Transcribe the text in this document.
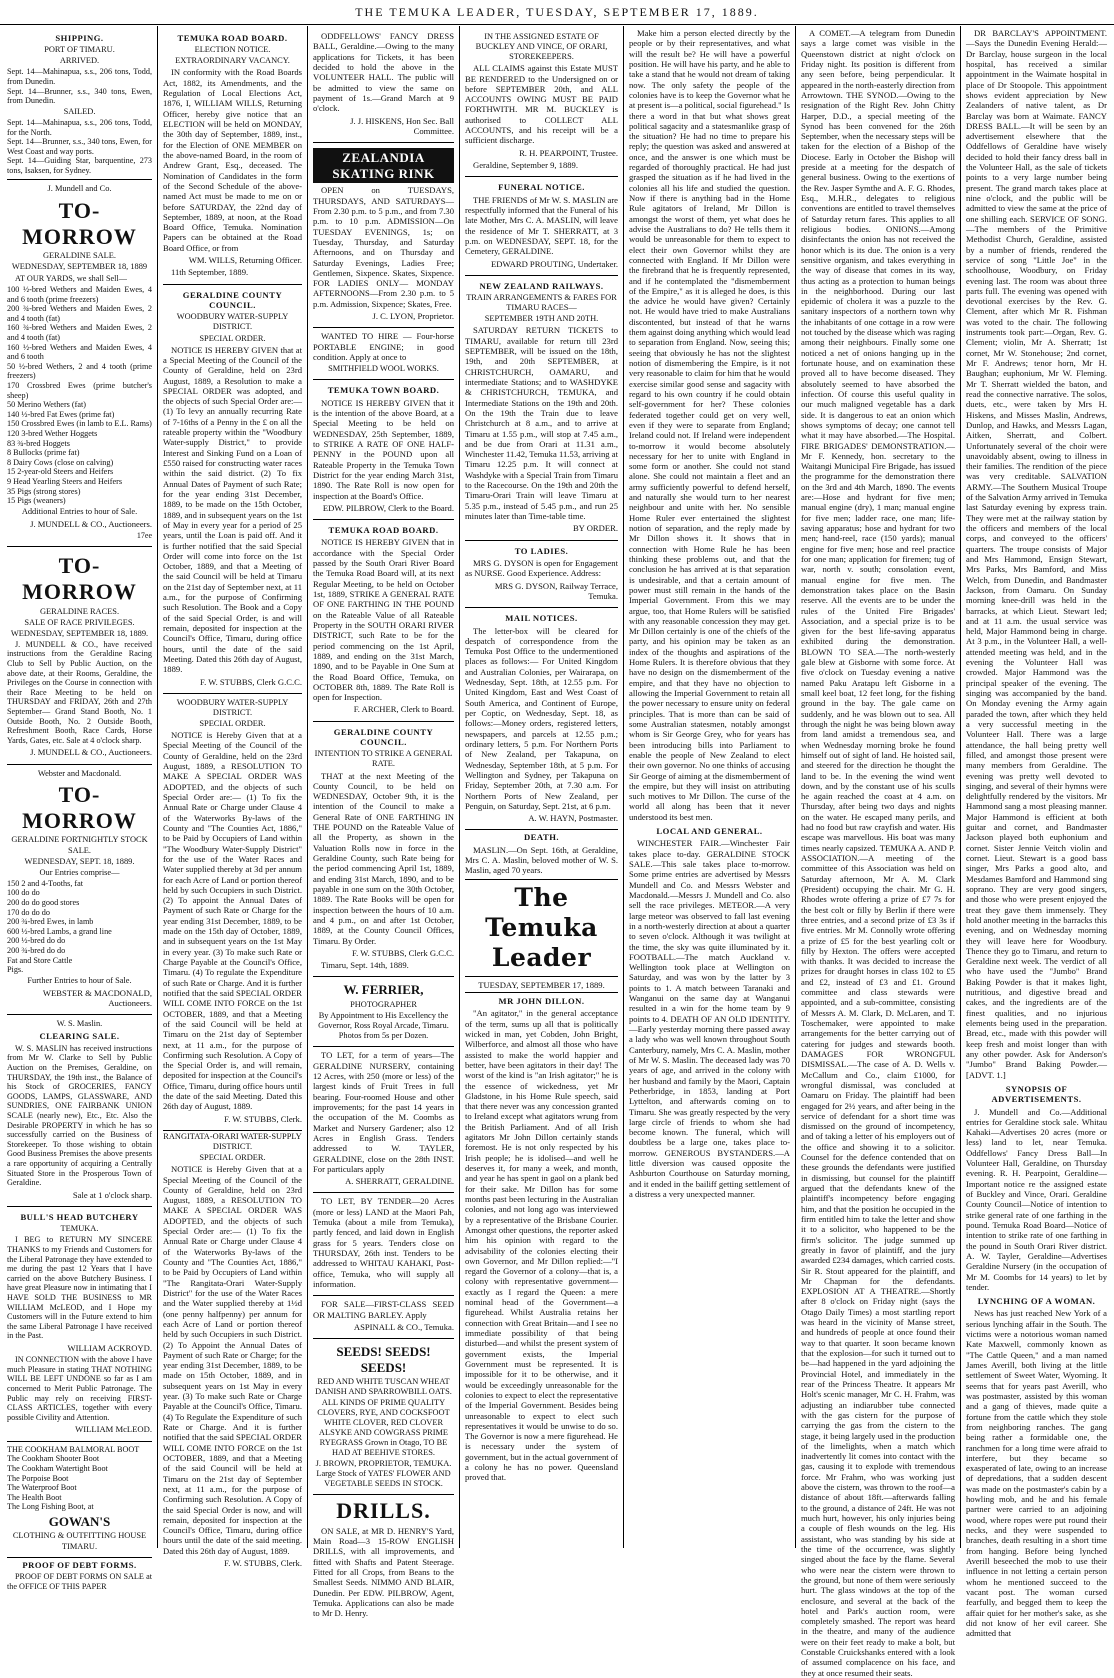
THE TEMUKA LEADER, TUESDAY, SEPTEMBER 17, 1889.
SHIPPING.
PORT OF TIMARU.
ARRIVED.
Sept. 14—Mahinapua, s.s., 206 tons, Todd, from Dunedin.
Sept. 14—Brunner, s.s., 340 tons, Ewen, from Dunedin.
SAILED.
Sept. 14—Mahinapua, s.s., 206 tons, Todd, for the North.
Sept. 14—Brunner, s.s., 340 tons, Ewen, for West Coast and way ports.
Sept. 14—Guiding Star, barquentine, 273 tons, Isaksen, for Sydney.
J. Mundell and Co.
TO-MORROW
GERALDINE SALE.
WEDNESDAY, SEPTEMBER 18, 1889
AT OUR YARDS, we shall Sell—
100 ½-bred Wethers and Maiden Ewes, 4 and 6 tooth (prime freezers)
200 ¾-bred Wethers and Maiden Ewes, 2 and 4 tooth (fat)
160 ¾-bred Wethers and Maiden Ewes, 2 and 4 tooth (fat)
160 ½-bred Wethers and Maiden Ewes, 4 and 6 tooth
50 ½-bred Wethers, 2 and 4 tooth (prime freezers)
170 Crossbred Ewes (prime butcher's sheep)
50 Merino Wethers (fat)
140 ½-bred Fat Ewes (prime fat)
150 Crossbred Ewes (in lamb to E.L. Rams)
120 3-bred Wether Hoggets
83 ¾-bred Hoggets
8 Bullocks (prime fat)
8 Dairy Cows (close on calving)
15 2-year-old Steers and Heifers
9 Head Yearling Steers and Heifers
35 Pigs (strong stores)
15 Pigs (weaners)
Additional Entries to hour of Sale.
J. MUNDELL & CO., Auctioneers.
17ee
TO-MORROW
GERALDINE RACES.
SALE OF RACE PRIVILEGES.
WEDNESDAY, SEPTEMBER 18, 1889.
J. MUNDELL & CO., have received instructions from the Geraldine Racing Club to Sell by Public Auction, on the above date, at their Rooms, Geraldine, the Privileges on the Course in connection with their Race Meeting to be held on THURSDAY and FRIDAY, 26th and 27th September— Grand Stand Booth, No. 1 Outside Booth, No. 2 Outside Booth, Refreshment Booth, Race Cards, Horse Yards, Gates, etc. Sale at 4 o'clock sharp.
J. MUNDELL & CO., Auctioneers.
Webster and Macdonald.
TO-MORROW
GERALDINE FORTNIGHTLY STOCK SALE.
WEDNESDAY, SEPT. 18, 1889.
Our Entries comprise—
150 2 and 4-Tooths, fat
100 do do
200 do do good stores
170 do do do
200 ¾-bred Ewes, in lamb
600 ½-bred Lambs, a grand line
200 ½-bred do do
200 ¾-bred do do
Fat and Store Cattle
Pigs.
Further Entries to hour of Sale.
WEBSTER & MACDONALD, Auctioneers.
W. S. Maslin.
CLEARING SALE.
W. S. MASLIN has received instructions from Mr W. Clarke to Sell by Public Auction on the Premises, Geraldine, on THURSDAY, the 19th inst., the Balance of his Stock of GROCERIES, FANCY GOODS, LAMPS, GLASSWARE, AND SUNDRIES, ONE FAIRBANK UNION SCALE (nearly new), Etc., Etc. Also the Desirable PROPERTY in which he has so successfully carried on the Business of Storekeeper. To those wishing to obtain Good Business Premises the above presents a rare opportunity of acquiring a Centrally Situated Store in the Prosperous Town of Geraldine.
Sale at 1 o'clock sharp.
BULL'S HEAD BUTCHERY
TEMUKA.
I BEG to RETURN MY SINCERE THANKS to my Friends and Customers for the Liberal Patronage they have extended to me during the past 12 Years that I have carried on the above Butchery Business. I have great Pleasure now in intimating that I HAVE SOLD THE BUSINESS to MR WILLIAM McLEOD, and I Hope my Customers will in the Future extend to him the same Liberal Patronage I have received in the Past.
WILLIAM ACKROYD.
IN CONNECTION with the above I have much Pleasure in stating THAT NOTHING WILL BE LEFT UNDONE so far as I am concerned to Merit Public Patronage. The Public may rely on receiving FIRST-CLASS ARTICLES, together with every possible Civility and Attention.
WILLIAM McLEOD.
THE COOKHAM BALMORAL BOOT
The Cookham Shooter Boot
The Cookham Watertight Boot
The Porpoise Boot
The Waterproof Boot
The Health Boot
The Long Fishing Boot, at
GOWAN'S
CLOTHING & OUTFITTING HOUSE TIMARU.
PROOF OF DEBT FORMS.
PROOF OF DEBT FORMS ON SALE at the OFFICE OF THIS PAPER
TEMUKA ROAD BOARD.
ELECTION NOTICE.
EXTRAORDINARY VACANCY.
IN conformity with the Road Boards Act, 1882, its Amendments, and the Regulation of Local Elections Act, 1876, I, WILLIAM WILLS, Returning Officer, hereby give notice that an ELECTION will be held on MONDAY, the 30th day of September, 1889, inst., for the Election of ONE MEMBER on the above-named Board, in the room of Andrew Grant, Esq., deceased. The Nomination of Candidates in the form of the Second Schedule of the above-named Act must be made to me on or before SATURDAY, the 22nd day of September, 1889, at noon, at the Road Board Office, Temuka. Nomination Papers can be obtained at the Road Board Office, or from
WM. WILLS, Returning Officer.
11th September, 1889.
GERALDINE COUNTY COUNCIL.
WOODBURY WATER-SUPPLY DISTRICT.
SPECIAL ORDER.
NOTICE IS HEREBY GIVEN that at a Special Meeting of the Council of the County of Geraldine, held on 23rd August, 1889, a Resolution to make a SPECIAL ORDER was adopted, and the objects of such Special Order are:— (1) To levy an annually recurring Rate of 7-16ths of a Penny in the £ on all the rateable property within the "Woodbury Water-supply District," to provide Interest and Sinking Fund on a Loan of £550 raised for constructing water races within the said district. (2) To fix Annual Dates of Payment of such Rate; for the year ending 31st December, 1889, to be made on the 15th October, 1889, and in subsequent years on the 1st of May in every year for a period of 25 years, until the Loan is paid off. And it is further notified that the said Special Order will come into force on the 1st October, 1889, and that a Meeting of the said Council will be held at Timaru on the 21st day of September next, at 11 a.m., for the purpose of Confirming such Resolution. The Book and a Copy of the said Special Order, is and will remain, deposited for inspection at the Council's Office, Timaru, during office hours, until the date of the said Meeting. Dated this 26th day of August, 1889.
F. W. STUBBS, Clerk G.C.C.
WOODBURY WATER-SUPPLY DISTRICT.
SPECIAL ORDER.
NOTICE is Hereby Given that at a Special Meeting of the Council of the County of Geraldine, held on the 23rd August, 1889, a RESOLUTION TO MAKE A SPECIAL ORDER WAS ADOPTED, and the objects of such Special Order are:— (1) To fix the Annual Rate or Charge under Clause 4 of the Waterworks By-laws of the County and "The Counties Act, 1886," to be Paid by Occupiers of Land within "The Woodbury Water-Supply District" for the use of the Water Races and Water supplied thereby at 3d per annum for each Acre of Land or portion thereof held by such Occupiers in such District. (2) To appoint the Annual Dates of Payment of such Rate or Charge for the year ending 31st December, 1889, to be made on the 15th day of October, 1889, and in subsequent years on the 1st May in every year. (3) To make such Rate or Charge Payable at the Council's Office, Timaru. (4) To regulate the Expenditure of such Rate or Charge. And it is further notified that the said SPECIAL ORDER WILL COME INTO FORCE on the 1st OCTOBER, 1889, and that a Meeting of the said Council will be held at Timaru on the 21st day of September next, at 11 a.m., for the purpose of Confirming such Resolution. A Copy of the Special Order is, and will remain, deposited for inspection at the Council's Office, Timaru, during office hours until the date of the said Meeting. Dated this 26th day of August, 1889.
F. W. STUBBS, Clerk.
RANGITATA-ORARI WATER-SUPPLY DISTRICT.
SPECIAL ORDER.
NOTICE is Hereby Given that at a Special Meeting of the Council of the County of Geraldine, held on 23rd August, 1889, a RESOLUTION TO MAKE A SPECIAL ORDER WAS ADOPTED, and the objects of such Special Order are:— (1) To fix the Annual Rate or Charge under Clause 4 of the Waterworks By-laws of the County and "The Counties Act, 1886," to be Paid by Occupiers of Land within "The Rangitata-Orari Water-Supply District" for the use of the Water Races and the Water supplied thereby at 1½d (one penny halfpenny) per annum for each Acre of Land or portion thereof held by such Occupiers in such District. (2) To Appoint the Annual Dates of Payment of such Rate or Charge; for the year ending 31st December, 1889, to be made on 15th October, 1889, and in subsequent years on 1st May in every year. (3) To make such Rate or Charge Payable at the Council's Office, Timaru. (4) To Regulate the Expenditure of such Rate or Charge. And it is further notified that the said SPECIAL ORDER WILL COME INTO FORCE on the 1st OCTOBER, 1889, and that a Meeting of the said Council will be held at Timaru on the 21st day of September next, at 11 a.m., for the purpose of Confirming such Resolution. A Copy of the said Special Order is now, and will remain, deposited for inspection at the Council's Office, Timaru, during office hours until the date of the said meeting. Dated this 26th day of August, 1889.
F. W. STUBBS, Clerk.
ODDFELLOWS' FANCY DRESS BALL, Geraldine.—Owing to the many applications for Tickets, it has been decided to hold the above in the VOLUNTEER HALL. The public will be admitted to view the same on payment of 1s.—Grand March at 9 o'clock.
J. J. HISKENS, Hon Sec. Ball Committee.
ZEALANDIA SKATING RINK
OPEN on TUESDAYS, THURSDAYS, AND SATURDAYS—From 2.30 p.m. to 5 p.m., and from 7.30 p.m. to 10 p.m. ADMISSION—On TUESDAY EVENINGS, 1s; on Tuesday, Thursday, and Saturday Afternoons, and on Thursday and Saturday Evenings, Ladies Free; Gentlemen, Sixpence. Skates, Sixpence. FOR LADIES ONLY— MONDAY AFTERNOONS—From 2.30 p.m. to 5 p.m. Admission, Sixpence; Skates, Free.
J. C. LYON, Proprietor.
WANTED TO HIRE — Four-horse PORTABLE ENGINE; in good condition. Apply at once to
SMITHFIELD WOOL WORKS.
TEMUKA TOWN BOARD.
NOTICE IS HEREBY GIVEN that it is the intention of the above Board, at a Special Meeting to be held on WEDNESDAY, 25th September, 1889, to STRIKE A RATE OF ONE HALF-PENNY in the POUND upon all Rateable Property in the Temuka Town District for the year ending March 31st, 1890. The Rate Roll is now open for inspection at the Board's Office.
EDW. PILBROW, Clerk to the Board.
TEMUKA ROAD BOARD.
NOTICE IS HEREBY GIVEN that in accordance with the Special Order passed by the South Orari River Board the Temuka Road Board will, at its next Regular Meeting, to be held on October 1st, 1889, STRIKE A GENERAL RATE OF ONE FARTHING IN THE POUND on the Rateable Value of all Rateable Property in the SOUTH ORARI RIVER DISTRICT, such Rate to be for the period commencing on the 1st April, 1889, and ending on the 31st March, 1890, and to be Payable in One Sum at the Road Board Office, Temuka, on OCTOBER 8th, 1889. The Rate Roll is open for Inspection.
F. ARCHER, Clerk to Board.
GERALDINE COUNTY COUNCIL.
INTENTION TO STRIKE A GENERAL RATE.
THAT at the next Meeting of the County Council, to be held on WEDNESDAY, October 9th, it is the intention of the Council to make a General Rate of ONE FARTHING IN THE POUND on the Rateable Value of all the Property, as shown in the Valuation Rolls now in force in the Geraldine County, such Rate being for the period commencing April 1st, 1889, and ending 31st March, 1890, and to be payable in one sum on the 30th October, 1889. The Rate Books will be open for inspection between the hours of 10 a.m. and 4 p.m., on and after 1st October, 1889, at the County Council Offices, Timaru. By Order.
F. W. STUBBS, Clerk G.C.C.
Timaru, Sept. 14th, 1889.
W. FERRIER,
PHOTOGRAPHER
By Appointment to His Excellency the Governor, Ross Royal Arcade, Timaru. Photos from 5s per Dozen.
TO LET, for a term of years—The GERALDINE NURSERY, containing 12 Acres, with 250 (more or less) of the largest kinds of Fruit Trees in full bearing. Four-roomed House and other improvements; for the past 14 years in the occupation of the M. Coombs as Market and Nursery Gardener; also 12 Acres in English Grass. Tenders addressed to W. TAYLER, GERALDINE, close on the 28th INST. For particulars apply
A. SHERRATT, GERALDINE.
TO LET, BY TENDER—20 Acres (more or less) LAND at the Maori Pah, Temuka (about a mile from Temuka), partly fenced, and laid down in English grass for 5 years. Tenders close on THURSDAY, 26th inst. Tenders to be addressed to WHITAU KAHAKI, Post-office, Temuka, who will supply all information.
FOR SALE—FIRST-CLASS SEED OR MALTING BARLEY. Apply
ASPINALL & CO., Temuka.
SEEDS! SEEDS! SEEDS!
RED AND WHITE TUSCAN WHEAT DANISH AND SPARROWBILL OATS. ALL KINDS OF PRIME QUALITY CLOVERS, RYE, AND COCKSFOOT WHITE CLOVER, RED CLOVER ALSYKE AND COWGRASS PRIME RYEGRASS Grown in Otago, TO BE HAD AT BEEHIVE STORES.
J. BROWN, PROPRIETOR, TEMUKA. Large Stock of YATES' FLOWER AND VEGETABLE SEEDS IN STOCK.
DRILLS.
ON SALE, at MR D. HENRY'S Yard, Main Road—3 15-ROW ENGLISH DRILLS, with all improvements, and fitted with Shafts and Patent Steerage. Fitted for all Crops, from Beans to the Smallest Seeds. NIMMO AND BLAIR, Dunedin. Per EDW. PILBROW, Agent, Temuka. Applications can also be made to Mr D. Henry.
IN THE ASSIGNED ESTATE OF BUCKLEY AND VINCE, OF ORARI, STOREKEEPERS.
ALL CLAIMS against this Estate MUST BE RENDERED to the Undersigned on or before SEPTEMBER 20th, and ALL ACCOUNTS OWING MUST BE PAID FORTHWITH. MR M. BUCKLEY is authorised to COLLECT ALL ACCOUNTS, and his receipt will be a sufficient discharge.
R. H. PEARPOINT, Trustee.
Geraldine, September 9, 1889.
FUNERAL NOTICE.
THE FRIENDS of Mr W. S. MASLIN are respectfully informed that the Funeral of his late Mother, Mrs C. A. MASLIN, will leave the residence of Mr T. SHERRATT, at 3 p.m. on WEDNESDAY, SEPT. 18, for the Cemetery, GERALDINE.
EDWARD PROUTING, Undertaker.
NEW ZEALAND RAILWAYS.
TRAIN ARRANGEMENTS & FARES FOR TIMARU RACES—
SEPTEMBER 19TH AND 20TH.
SATURDAY RETURN TICKETS to TIMARU, available for return till 23rd SEPTEMBER, will be issued on the 18th, 19th, and 20th SEPTEMBER, at CHRISTCHURCH, OAMARU, and intermediate Stations; and to WASHDYKE & CHRISTCHURCH, TEMUKA, and Intermediate Stations on the 19th and 20th. On the 19th the Train due to leave Christchurch at 8 a.m., and to arrive at Timaru at 1.55 p.m., will stop at 7.45 a.m., and be due from Orari at 11.31 a.m., Winchester 11.42, Temuka 11.53, arriving at Timaru 12.25 p.m. It will connect at Washdyke with a Special Train from Timaru to the Racecourse. On the 19th and 20th the Timaru-Orari Train will leave Timaru at 5.35 p.m., instead of 5.45 p.m., and run 25 minutes later than Time-table time.
BY ORDER.
TO LADIES.
MRS G. DYSON is open for Engagement as NURSE. Good Experience. Address:
MRS G. DYSON, Railway Terrace, Temuka.
MAIL NOTICES.
The letter-box will be cleared for despatch of correspondence from the Temuka Post Office to the undermentioned places as follows:— For United Kingdom and Australian Colonies, per Wairarapa, on Wednesday, Sept. 18th, at 12.55 p.m. For United Kingdom, East and West Coast of South America, and Continent of Europe, per Coptic, on Wednesday, Sept. 18, as follows:—Money orders, registered letters, newspapers, and parcels at 12.55 p.m.; ordinary letters, 5 p.m. For Northern Ports of New Zealand, per Takapuna, on Wednesday, September 18th, at 5 p.m. For Wellington and Sydney, per Takapuna on Friday, September 20th, at 7.30 a.m. For Northern Ports of New Zealand, per Penguin, on Saturday, Sept. 21st, at 6 p.m.
A. W. HAYN, Postmaster.
DEATH.
MASLIN.—On Sept. 16th, at Geraldine, Mrs C. A. Maslin, beloved mother of W. S. Maslin, aged 70 years.
The Temuka Leader
TUESDAY, SEPTEMBER 17, 1889.
MR JOHN DILLON.
"An agitator," in the general acceptance of the term, sums up all that is politically wicked in man, yet Cobden, John Bright, Wilberforce, and almost all those who have assisted to make the world happier and better, have been agitators in their day! The worst of the kind is "an Irish agitator;" he is the essence of wickedness, yet Mr Gladstone, in his Home Rule speech, said that there never was any concession granted to Ireland except what agitators wrung from the British Parliament. And of all Irish agitators Mr John Dillon certainly stands foremost. He is not only respected by his Irish people; he is idolised—and well he deserves it, for many a week, and month, and year he has spent in gaol on a plank bed for their sake. Mr Dillon has for some months past been lecturing in the Australian colonies, and not long ago was interviewed by a representative of the Brisbane Courier. Amongst other questions, the reporter asked him his opinion with regard to the advisability of the colonies electing their own Governor, and Mr Dillon replied:—"I regard the Governor of a colony—that is, a colony with representative government—exactly as I regard the Queen: a mere nominal head of the Government—a figurehead. Whilst Australia retains her connection with Great Britain—and I see no immediate possibility of that being disturbed—and whilst the present system of government exists, the Imperial Government must be represented. It is impossible for it to be otherwise, and it would be exceedingly unreasonable for the colonies to expect to elect the representative of the Imperial Government. Besides being unreasonable to expect to elect such representatives it would be unwise to do so. The Governor is now a mere figurehead. He is necessary under the system of government, but in the actual government of a colony he has no power. Queensland proved that.
Make him a person elected directly by the people or by their representatives, and what will the result be? He will have a powerful position. He will have his party, and he able to take a stand that he would not dream of taking now. The only safety the people of the colonies have is to keep the Governor what he at present is—a political, social figurehead." Is there a word in that but what shows great political sagacity and a statesmanlike grasp of the situation? He had no time to prepare his reply; the question was asked and answered at once, and the answer is one which must be regarded of thoroughly practical. He had just grasped the situation as if he had lived in the colonies all his life and studied the question. Now if there is anything bad in the Home Rule agitators of Ireland, Mr Dillon is amongst the worst of them, yet what does he advise the Australians to do? He tells them it would be unreasonable for them to expect to elect their own Governor whilst they are connected with England. If Mr Dillon were the firebrand that he is frequently represented, and if he contemplated the "dismemberment of the Empire," as it is alleged he does, is this the advice he would have given? Certainly not. He would have tried to make Australians discontented, but instead of that he warns them against doing anything which would lead to separation from England. Now, seeing this; seeing that obviously he has not the slightest notion of dismembering the Empire, is it not very reasonable to claim for him that he would exercise similar good sense and sagacity with regard to his own country if he could obtain self-government for her? These colonies federated together could get on very well, even if they were to separate from England; Ireland could not. If Ireland were independent to-morrow it would become absolutely necessary for her to unite with England in some form or another. She could not stand alone. She could not maintain a fleet and an army sufficiently powerful to defend herself, and naturally she would turn to her nearest neighbour and unite with her. No sensible Home Ruler ever entertained the slightest notion of separation, and the reply made by Mr Dillon shows it. It shows that in connection with Home Rule he has been thinking these problems out, and that the conclusion he has arrived at is that separation is undesirable, and that a certain amount of power must still remain in the hands of the Imperial Government. From this we may argue, too, that Home Rulers will be satisfied with any reasonable concession they may get. Mr Dillon certainly is one of the chiefs of the party, and his opinion may be taken as an index of the thoughts and aspirations of the Home Rulers. It is therefore obvious that they have no design on the dismemberment of the empire, and that they have no objection to allowing the Imperial Government to retain all the power necessary to ensure unity on federal principles. That is more than can be said of some Australian statesmen, notably amongst whom is Sir George Grey, who for years has been introducing bills into Parliament to enable the people of New Zealand to elect their own governor. No one thinks of accusing Sir George of aiming at the dismemberment of the empire, but they will insist on attributing such motives to Mr Dillon. The curse of the world all along has been that it never understood its best men.
LOCAL AND GENERAL.
WINCHESTER FAIR.—Winchester Fair takes place to-day. GERALDINE STOCK SALE.—This sale takes place to-morrow. Some prime entries are advertised by Messrs Mundell and Co. and Messrs Webster and Macdonald.—Messrs J. Mundell and Co. also sell the race privileges. METEOR.—A very large meteor was observed to fall last evening in a north-westerly direction at about a quarter to seven o'clock. Although it was twilight at the time, the sky was quite illuminated by it. FOOTBALL.—The match Auckland v. Wellington took place at Wellington on Saturday, and was won by the latter by 3 points to 1. A match between Taranaki and Wanganui on the same day at Wanganui resulted in a win for the home team by 9 points to 4. DEATH OF AN OLD IDENTITY.—Early yesterday morning there passed away a lady who was well known throughout South Canterbury, namely, Mrs C. A. Maslin, mother of Mr W. S. Maslin. The deceased lady was 70 years of age, and arrived in the colony with her husband and family by the Maori, Captain Petherbridge, in 1853, landing at Port Lyttelton, and afterwards coming on to Timaru. She was greatly respected by the very large circle of friends to whom she had become known. The funeral, which will doubtless be a large one, takes place to-morrow. GENEROUS BYSTANDERS.—A little diversion was caused opposite the Ashburton Courthouse on Saturday morning, and it ended in the bailiff getting settlement of a distress a very unexpected manner.
A COMET.—A telegram from Dunedin says a large comet was visible in the Queenstown district at night o'clock on Friday night. Its position is different from any seen before, being perpendicular. It appeared in the north-easterly direction from Arrowtown. THE SYNOD.—Owing to the resignation of the Right Rev. John Chitty Harper, D.D., a special meeting of the Synod has been convened for the 26th September, when the necessary steps will be taken for the election of a Bishop of the Diocese. Early in October the Bishop will preside at a meeting for the despatch of general business. Owing to the exertions of the Rev. Jasper Symthe and A. F. G. Rhodes, Esq., M.H.R., delegates to religious conventions are entitled to travel themselves of Saturday return fares. This applies to all religious bodies. ONIONS.—Among disinfectants the onion has not received the honor which is its due. The onion is a very sensitive organism, and takes everything in the way of disease that comes in its way, thus acting as a protection to human beings in the neighborhood. During our last epidemic of cholera it was a puzzle to the sanitary inspectors of a northern town why the inhabitants of one cottage in a row were not touched by the disease which was raging among their neighbours. Finally some one noticed a net of onions hanging up in the fortunate house, and on examination these proved all to have become diseased. They absolutely seemed to have absorbed the infection. Of course this useful quality in our much maligned vegetable has a dark side. It is dangerous to eat an onion which shows symptoms of decay; one cannot tell what it may have absorbed.—The Hospital. FIRE BRIGADES' DEMONSTRATION.—Mr F. Kennedy, hon. secretary to the Waitangi Municipal Fire Brigade, has issued the programme for the demonstration there on the 3rd and 4th March, 1890. The events are:—Hose and hydrant for five men; manual engine (dry), 1 man; manual engine for five men; ladder race, one man; life-saving apparatus; hose and hydrant for two men; hand-reel, race (150 yards); manual engine for five men; hose and reel practice for one man; application for firemen; tug of war, north v. south; consolation event, manual engine for five men. The demonstration takes place on the Basin reserve. All the events are to be under the rules of the United Fire Brigades' Association, and a special prize is to be given for the best life-saving apparatus exhibited during the demonstration. BLOWN TO SEA.—The north-westerly gale blew at Gisborne with some force. At five o'clock on Tuesday evening a native named Paku Aratapu left Gisborne in a small keel boat, 12 feet long, for the fishing ground in the bay. The gale came on suddenly, and he was blown out to sea. All through the night he was being blown away from land amidst a tremendous sea, and when Wednesday morning broke he found himself out of sight of land. He hoisted sail, and steered for the direction he thought the land to be. In the evening the wind went down, and by the constant use of his sculls he again reached the coast at 4 a.m. on Thursday, after being two days and nights on the water. He escaped many perils, and had no food but raw crayfish and water. His escape was marvellous. His boat was many times nearly capsized. TEMUKA A. AND P. ASSOCIATION.—A meeting of the committee of this Association was held on Saturday afternoon, Mr A. M. Clark (President) occupying the chair. Mr G. H. Rhodes wrote offering a prize of £7 7s for the best colt or filly by Berlin if there were three entries, and a second prize of £3 3s if five entries. Mr M. Connolly wrote offering a prize of £5 for the best yearling colt or filly by Hexton. The offers were accepted with thanks. It was decided to increase the prizes for draught horses in class 102 to £5 and £2, instead of £3 and £1. Ground committee and class stewards were appointed, and a sub-committee, consisting of Messrs A. M. Clark, D. McLaren, and T. Toschemaker, were appointed to make arrangements for the better carrying out of catering for judges and stewards booth. DAMAGES FOR WRONGFUL DISMISSAL.—The case of A. D. Wells v. McCallum and Co., claim £1000, for wrongful dismissal, was concluded at Oamaru on Friday. The plaintiff had been engaged for 2½ years, and after being in the service of defendant for a short time was dismissed on the ground of incompetency, and of taking a letter of his employers out of the office and showing it to a solicitor. Counsel for the defence contended that on these grounds the defendants were justified in dismissing, but counsel for the plaintiff argued that the defendants knew of the plaintiff's incompetency before engaging him, and that the position he occupied in the firm entitled him to take the letter and show it to a solicitor, who happened to be the firm's solicitor. The judge summed up greatly in favor of plaintiff, and the jury awarded £234 damages, which carried costs. Sir R. Stout appeared for the plaintiff, and Mr Chapman for the defendants. EXPLOSION AT A THEATRE.—Shortly after 8 o'clock on Friday night (says the Otago Daily Times) a most startling report was heard in the vicinity of Manse street, and hundreds of people at once found their way to that quarter. It soon became known that the explosion—for such it turned out to be—had happened in the yard adjoining the Provincial Hotel, and immediately in the rear of the Princess Theatre. It appears Mr Holt's scenic manager, Mr C. H. Frahm, was adjusting an indiarubber tube connected with the gas cistern for the purpose of carrying the gas from the cistern to the stage, it being largely used in the production of the limelights, when a match which inadvertently lit comes into contact with the gas, causing it to explode with tremendous force. Mr Frahm, who was working just above the cistern, was thrown to the roof—a distance of about 18ft.—afterwards falling to the ground, a distance of 24ft. He was not much hurt, however, his only injuries being a couple of flesh wounds on the leg. His assistant, who was standing by his side at the time of the occurrence, was slightly singed about the face by the flame. Several who were near the cistern were thrown to the ground, but none of them were seriously hurt. The glass windows at the top of the enclosure, and several at the back of the hotel and Park's auction room, were completely smashed. The report was heard in the theatre, and many of the audience were on their feet ready to make a bolt, but Constable Cruickshanks entered with a look of assumed complacence on his face, and they at once resumed their seats.
DR BARCLAY'S APPOINTMENT.—Says the Dunedin Evening Herald:—Dr Barclay, house surgeon in the local hospital, has received a similar appointment in the Waimate hospital in place of Dr Stoopole. This appointment shows evident appreciation by New Zealanders of native talent, as Dr Barclay was born at Waimate. FANCY DRESS BALL.—It will be seen by an advertisement elsewhere that the Oddfellows of Geraldine have wisely decided to hold their fancy dress ball in the Volunteer Hall, as the sale of tickets points to a very large number being present. The grand march takes place at nine o'clock, and the public will be admitted to view the same at the price of one shilling each. SERVICE OF SONG.—The members of the Primitive Methodist Church, Geraldine, assisted by a number of friends, rendered the service of song "Little Joe" in the schoolhouse, Woodbury, on Friday evening last. The room was about three parts full. The evening was opened with devotional exercises by the Rev. G. Clement, after which Mr R. Fishman was voted to the chair. The following instruments took part:—Organ, Rev. G. Clement; violin, Mr A. Sherratt; 1st cornet, Mr W. Stonehouse; 2nd cornet, Mr F. Andrews; tenor horn, Mr H. Baughan; euphonium, Mr W. Fleming. Mr T. Sherratt wielded the baton, and read the connective narrative. The solos, duets, etc., were taken by Mrs H. Hiskens, and Misses Maslin, Andrews, Dunlop, and Hawks, and Messrs Lagan, Aitken, Sherratt, and Colbert. Unfortunately several of the choir were unavoidably absent, owing to illness in their families. The rendition of the piece was very creditable. SALVATION ARMY.—The Southern Musical Troupe of the Salvation Army arrived in Temuka last Saturday evening by express train. They were met at the railway station by the officers and members of the local corps, and conveyed to the officers' quarters. The troupe consists of Major and Mrs Hammond, Ensign Stewart, Mrs Parks, Mrs Bamford, and Miss Welch, from Dunedin, and Bandmaster Jackson, from Oamaru. On Sunday morning knee-drill was held in the barracks, at which Lieut. Stewart led; and at 11 a.m. the usual service was held, Major Hammond being in charge. At 3 p.m., in the Volunteer Hall, a well-attended meeting was held, and in the evening the Volunteer Hall was crowded. Major Hammond was the principal speaker of the evening. The singing was accompanied by the band. On Monday evening the Army again paraded the town, after which they held a very successful meeting in the Volunteer Hall. There was a large attendance, the hall being pretty well filled, and amongst those present were many members from Geraldine. The evening was pretty well devoted to singing, and several of their hymns were delightfully rendered by the visitors. Mr Hammond sang a most pleasing manner. Major Hammond is efficient at both guitar and cornet, and Bandmaster Jackson played both euphonium and cornet. Sister Jennie Veitch violin and cornet. Lieut. Stewart is a good bass singer, Mrs Parks a good alto, and Mesdames Bamford and Hammond sing soprano. They are very good singers, and those who were present enjoyed the treat they gave them immensely. They hold another meeting in the barracks this evening, and on Wednesday morning they will leave here for Woodbury. Thence they go to Timaru, and return to Geraldine next week. The verdict of all who have used the "Jumbo" Brand Baking Powder is that it makes light, nutritious, and digestive bread and cakes, and the ingredients are of the finest qualities, and no injurious elements being used in the preparation. Bread, etc., made with this powder will keep fresh and moist longer than with any other powder. Ask for Anderson's "Jumbo" Brand Baking Powder.—[ADVT. 1.]
SYNOPSIS OF ADVERTISEMENTS.
J. Mundell and Co.—Additional entries for Geraldine stock sale. Whitau Kahaki—Advertises 20 acres (more or less) land to let, near Temuka. Oddfellows' Fancy Dress Ball—In Volunteer Hall, Geraldine, on Thursday evening. R. H. Pearpoint, Geraldine—Important notice re the assigned estate of Buckley and Vince, Orari. Geraldine County Council—Notice of intention to strike general rate of one farthing in the pound. Temuka Road Board—Notice of intention to strike rate of one farthing in the pound in South Orari River district. A. W. Tayler, Geraldine—Advertises Geraldine Nursery (in the occupation of Mr M. Coombs for 14 years) to let by tender.
LYNCHING OF A WOMAN.
News has just reached New York of a serious lynching affair in the South. The victims were a notorious woman named Kate Maxwell, commonly known as "The Cattle Queen," and a man named James Averill, both living at the little settlement of Sweet Water, Wyoming. It seems that for years past Averill, who was postmaster, assisted by this woman and a gang of thieves, made quite a fortune from the cattle which they stole from neighboring ranches. The gang being rather a formidable one, the ranchmen for a long time were afraid to interfere, but they became so exasperated of late, owing to an increase of depredations, that a sudden descent was made on the postmaster's cabin by a howling mob, and he and his female partner were carried to an adjoining wood, where ropes were put round their necks, and they were suspended to branches, death resulting in a short time from hanging. Before being lynched Averill beseeched the mob to use their influence in not letting a certain person whom he mentioned succeed to the vacant post. The woman cursed fearfully, and begged them to keep the affair quiet for her mother's sake, as she did not know of her evil career. She admitted that
